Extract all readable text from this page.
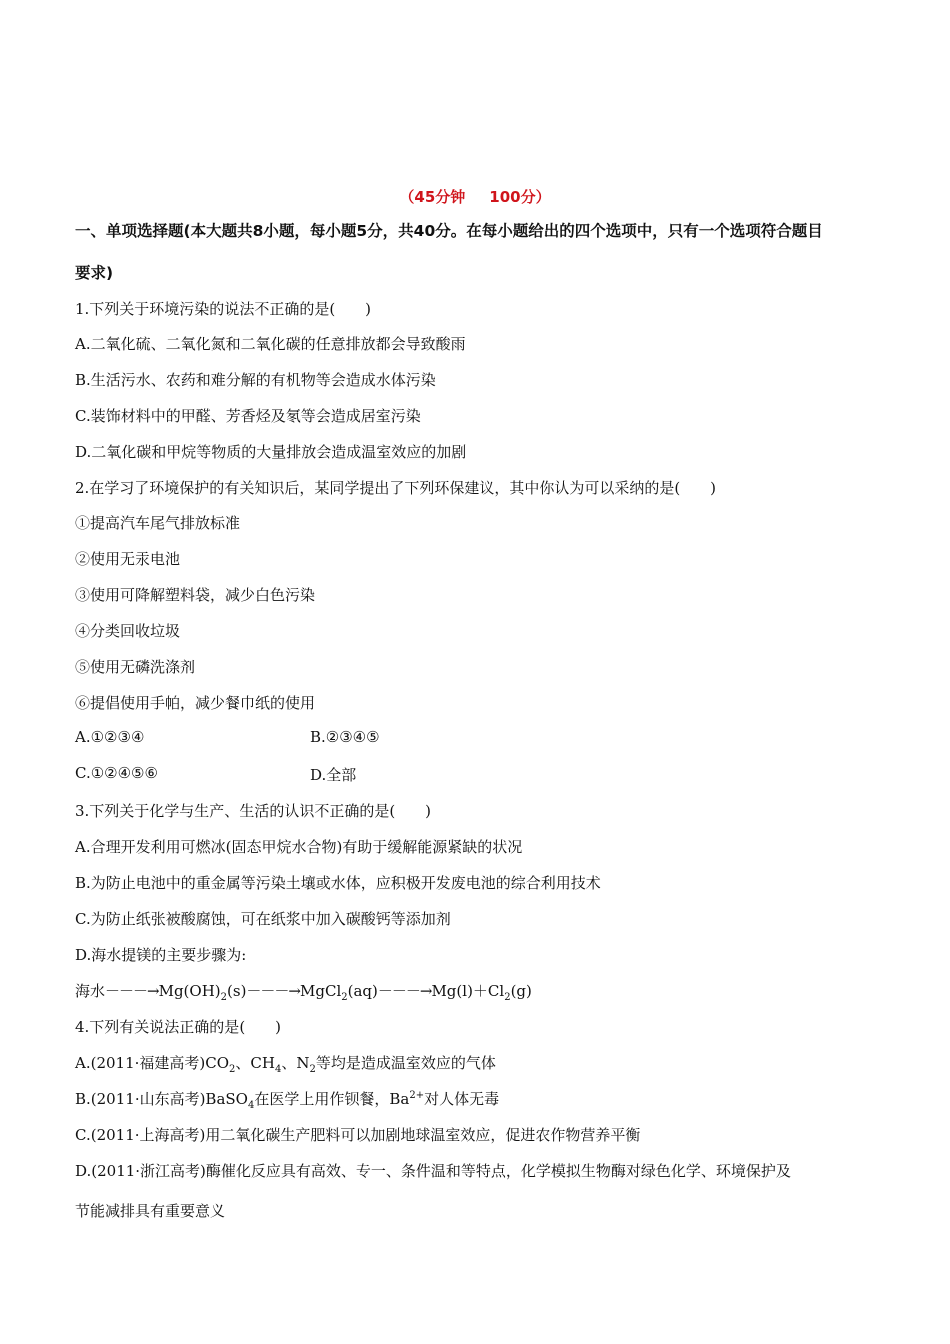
（45分钟 100分）
一、单项选择题(本大题共8小题，每小题5分，共40分。在每小题给出的四个选项中，只有一个选项符合题目
要求)
1.下列关于环境污染的说法不正确的是(　　)
A.二氧化硫、二氧化氮和二氧化碳的任意排放都会导致酸雨
B.生活污水、农药和难分解的有机物等会造成水体污染
C.装饰材料中的甲醛、芳香烃及氡等会造成居室污染
D.二氧化碳和甲烷等物质的大量排放会造成温室效应的加剧
2.在学习了环境保护的有关知识后，某同学提出了下列环保建议，其中你认为可以采纳的是(　　)
①提高汽车尾气排放标准
②使用无汞电池
③使用可降解塑料袋，减少白色污染
④分类回收垃圾
⑤使用无磷洗涤剂
⑥提倡使用手帕，减少餐巾纸的使用
A.①②③④	B.②③④⑤
C.①②④⑤⑥	D.全部
3.下列关于化学与生产、生活的认识不正确的是(　　)
A.合理开发利用可燃冰(固态甲烷水合物)有助于缓解能源紧缺的状况
B.为防止电池中的重金属等污染土壤或水体，应积极开发废电池的综合利用技术
C.为防止纸张被酸腐蚀，可在纸浆中加入碳酸钙等添加剂
D.海水提镁的主要步骤为:
海水$---\to Mg(OH)_2(s)---\to MgCl_2(aq)---\to Mg(l)+Cl_2(g)$
4.下列有关说法正确的是(　　)
A.(2011·福建高考)$CO_2$、$CH_4$、$N_2$等均是造成温室效应的气体
B.(2011·山东高考)BaSO$_4$在医学上用作钡餐，$Ba^{2+}$对人体无毒
C.(2011·上海高考)用二氧化碳生产肥料可以加剧地球温室效应，促进农作物营养平衡
D.(2011·浙江高考)酶催化反应具有高效、专一、条件温和等特点，化学模拟生物酶对绿色化学、环境保护及
节能减排具有重要意义
